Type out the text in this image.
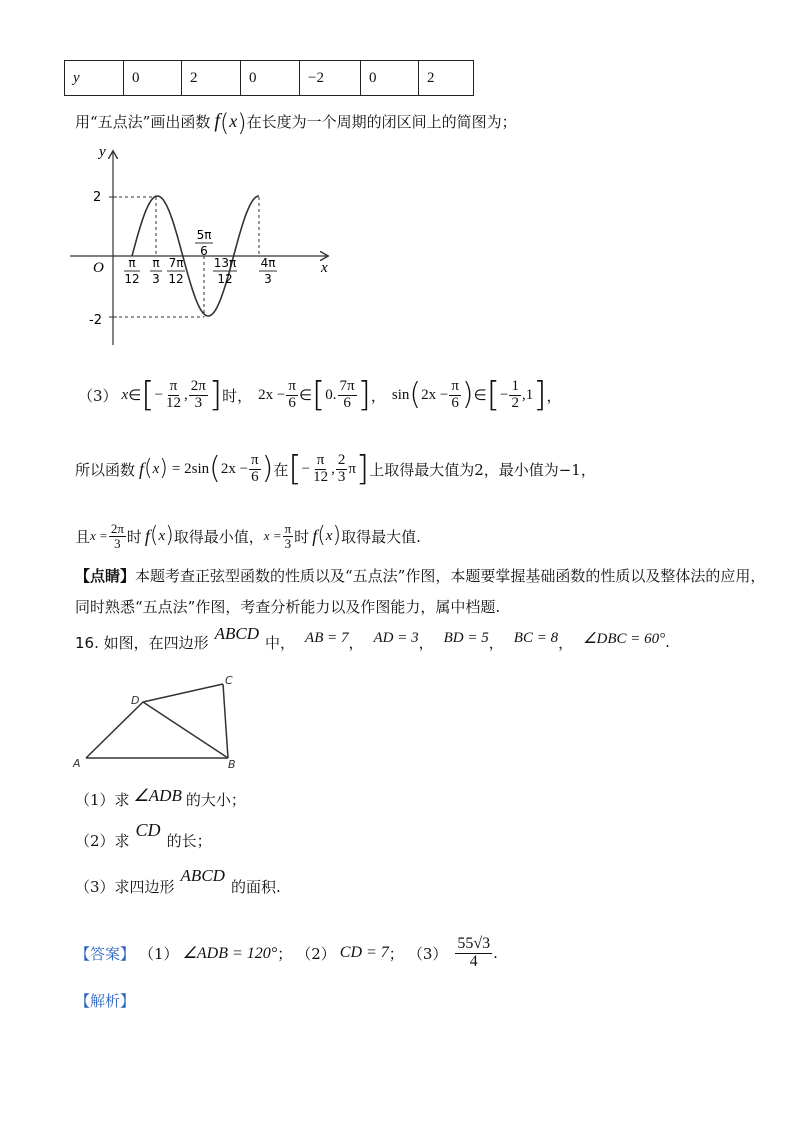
y	0	2	0	−2	0	2
用“五点法”画出函数 f(x)在长度为一个周期的闭区间上的简图为；
y
x
O
2
-2
π
12
π
3
7π
12
13π
12
4π
3
5π
6
（3） x ∈ [ − $\frac{\pi}{12}$ , $\frac{2\pi}{3}$ ] 时， $2x - \frac{\pi}{6}$ ∈ [ 0. $\frac{7\pi}{6}$ ] ， sin ( $2x - \frac{\pi}{6}$ ) ∈ [ − $\frac{1}{2} ,1$ ] ，
所以函数 f ( x ) = 2sin ( $2x - \frac{\pi}{6}$ ) 在 [ − $\frac{\pi}{12}$ , $\frac{2}{3}$ π ] 上取得最大值为2，最小值为−1，
且 $x = \frac{2\pi}{3}$ 时 f ( x ) 取得最小值， $x = \frac{\pi}{3}$ 时 f ( x ) 取得最大值.
【点睛】本题考查正弦型函数的性质以及“五点法”作图，本题要掌握基础函数的性质以及整体法的应用，
同时熟悉“五点法”作图，考查分析能力以及作图能力，属中档题.
16. 如图，在四边形 ABCD 中， AB = 7 ， AD = 3 ， BD = 5 ， BC = 8 ， ∠DBC = 60° .
A	B
C
D
（1）求 ∠ADB 的大小；
（2）求
CD
的长；
（3）求四边形
ABCD
的面积.
【答案】 （1） ∠ADB = 120° ； （2） CD = 7 ； $(3) \frac{55√3}{4}$ .
【解析】
